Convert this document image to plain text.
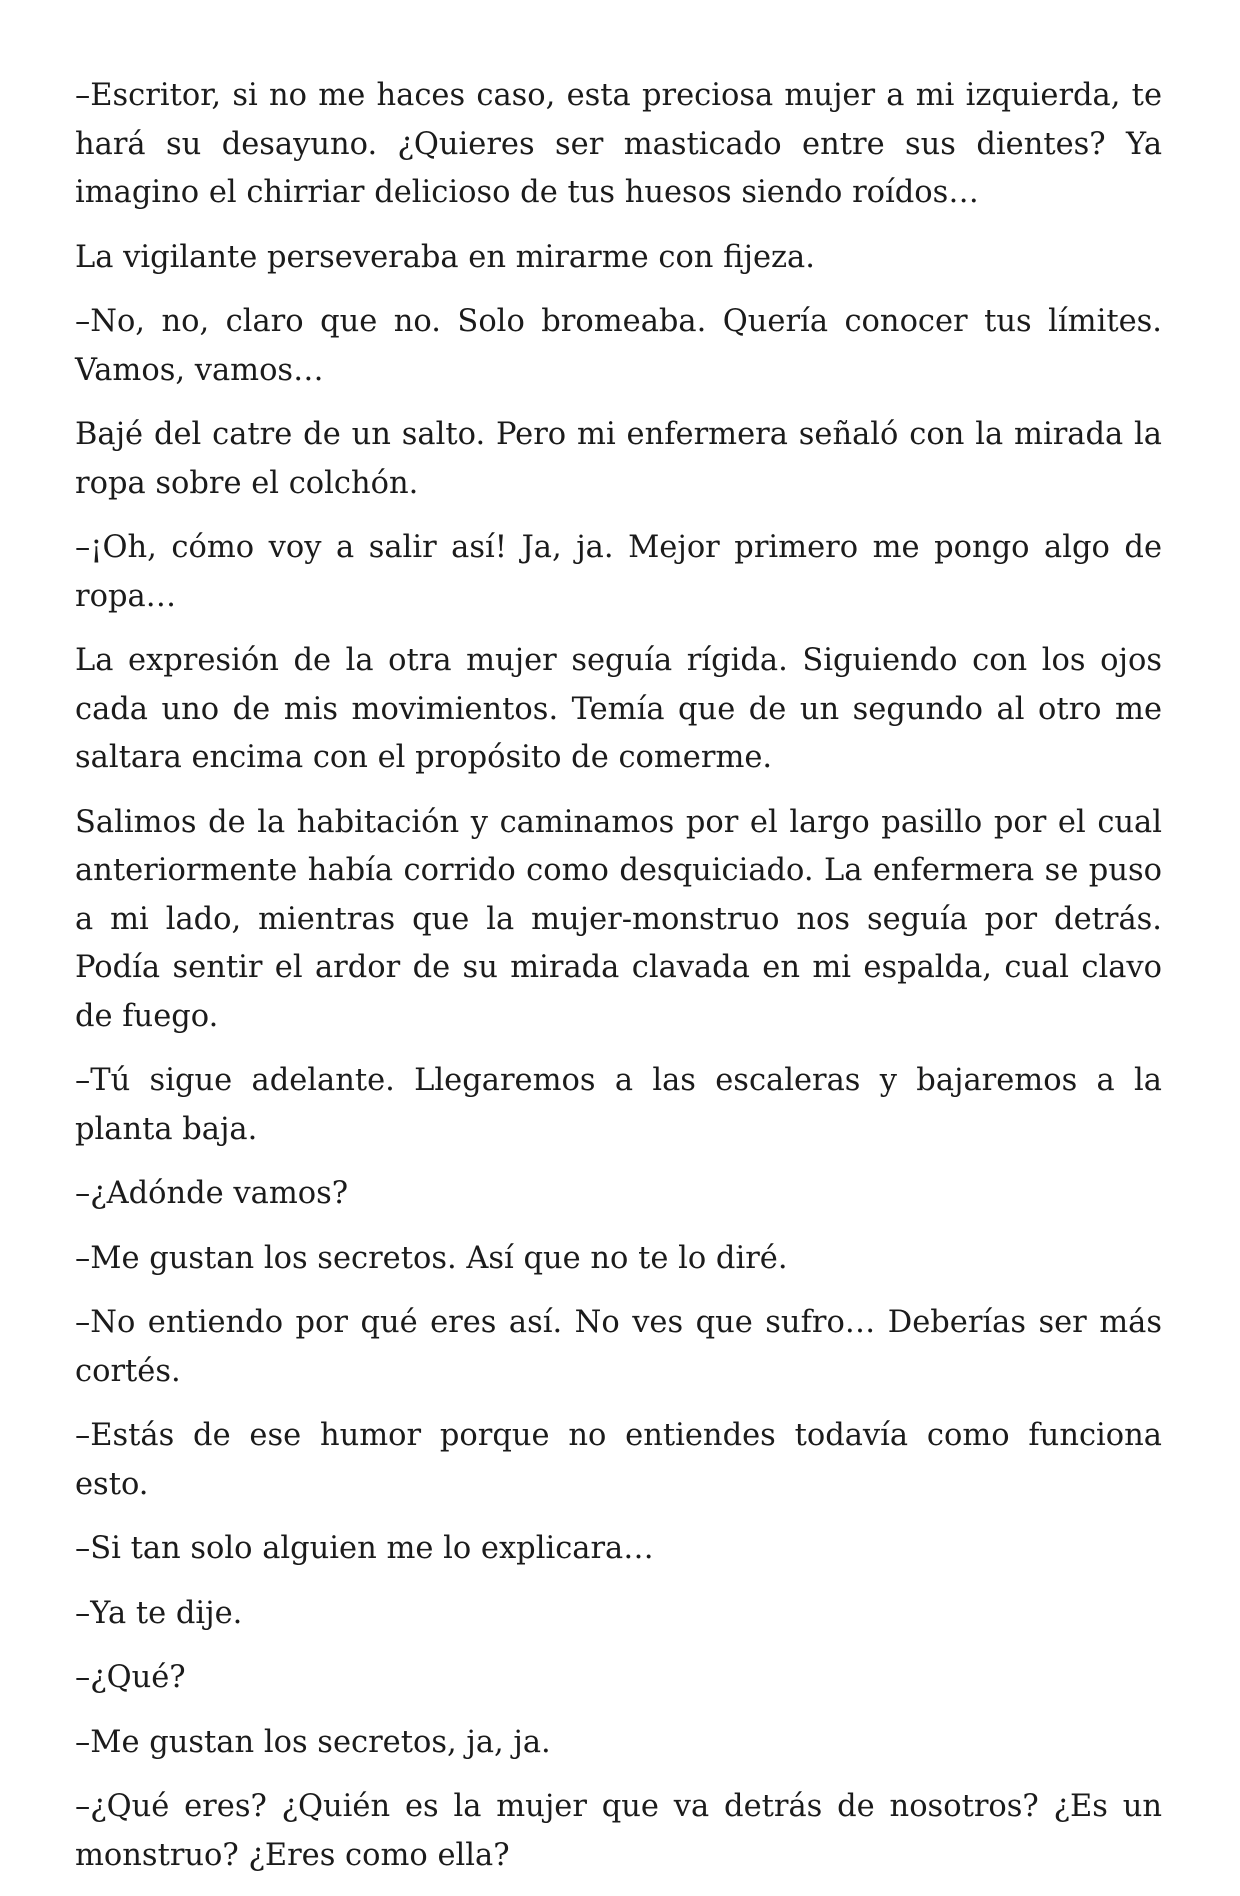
–Escritor, si no me haces caso, esta preciosa mujer a mi izquierda, te hará su desayuno. ¿Quieres ser masticado entre sus dientes? Ya imagino el chirriar delicioso de tus huesos siendo roídos…

La vigilante perseveraba en mirarme con fijeza.

–No, no, claro que no. Solo bromeaba. Quería conocer tus límites. Vamos, vamos…

Bajé del catre de un salto. Pero mi enfermera señaló con la mirada la ropa sobre el colchón.

–¡Oh, cómo voy a salir así! Ja, ja. Mejor primero me pongo algo de ropa…

La expresión de la otra mujer seguía rígida. Siguiendo con los ojos cada uno de mis movimientos. Temía que de un segundo al otro me saltara encima con el propósito de comerme.

Salimos de la habitación y caminamos por el largo pasillo por el cual anteriormente había corrido como desquiciado. La enfermera se puso a mi lado, mientras que la mujer-monstruo nos seguía por detrás. Podía sentir el ardor de su mirada clavada en mi espalda, cual clavo de fuego.

–Tú sigue adelante. Llegaremos a las escaleras y bajaremos a la planta baja.

–¿Adónde vamos?

–Me gustan los secretos. Así que no te lo diré.

–No entiendo por qué eres así. No ves que sufro… Deberías ser más cortés.

–Estás de ese humor porque no entiendes todavía como funciona esto.

–Si tan solo alguien me lo explicara…

–Ya te dije.

–¿Qué?

–Me gustan los secretos, ja, ja.

–¿Qué eres? ¿Quién es la mujer que va detrás de nosotros? ¿Es un monstruo? ¿Eres como ella?
